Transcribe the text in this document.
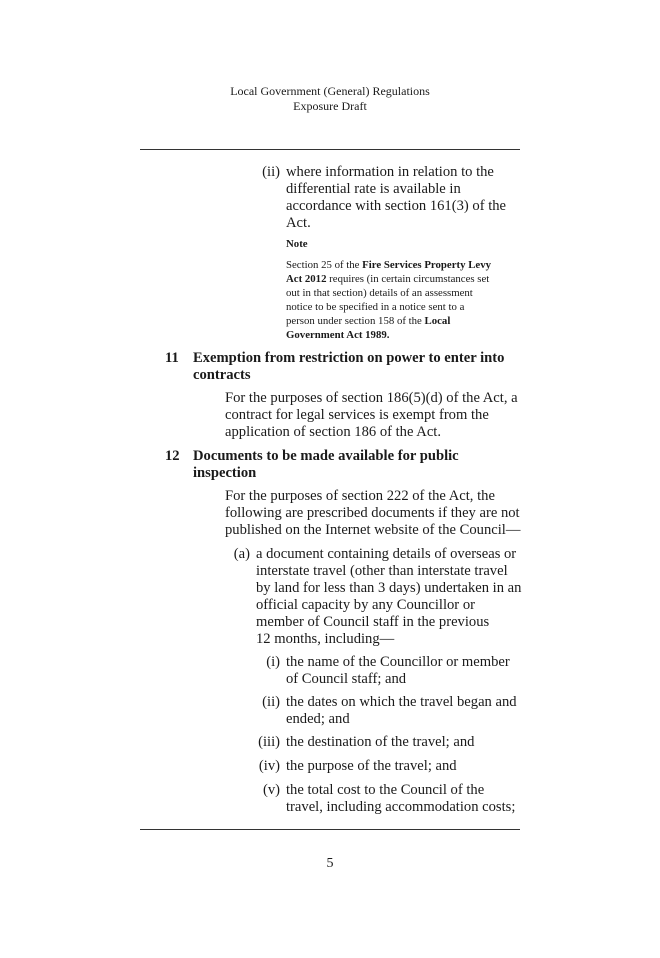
Local Government (General) Regulations
Exposure Draft
(ii) where information in relation to the
differential rate is available in
accordance with section 161(3) of the
Act.
Note
Section 25 of the Fire Services Property Levy
Act 2012 requires (in certain circumstances set
out in that section) details of an assessment
notice to be specified in a notice sent to a
person under section 158 of the Local
Government Act 1989.
11 Exemption from restriction on power to enter into
contracts
For the purposes of section 186(5)(d) of the Act, a
contract for legal services is exempt from the
application of section 186 of the Act.
12 Documents to be made available for public
inspection
For the purposes of section 222 of the Act, the
following are prescribed documents if they are not
published on the Internet website of the Council—
(a) a document containing details of overseas or
interstate travel (other than interstate travel
by land for less than 3 days) undertaken in an
official capacity by any Councillor or
member of Council staff in the previous
12 months, including—
(i) the name of the Councillor or member
of Council staff; and
(ii) the dates on which the travel began and
ended; and
(iii) the destination of the travel; and
(iv) the purpose of the travel; and
(v) the total cost to the Council of the
travel, including accommodation costs;
5
